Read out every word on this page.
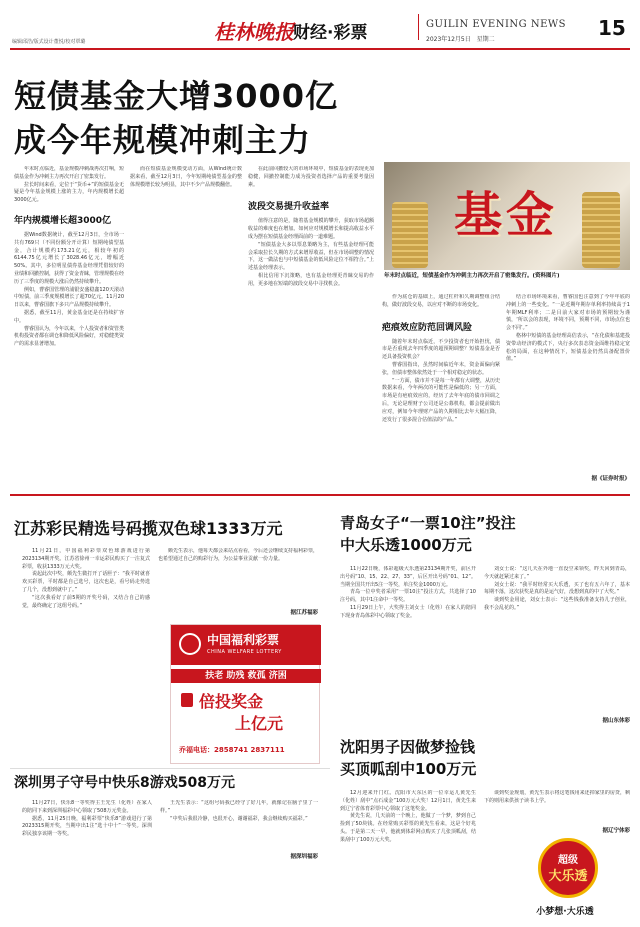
编辑邱浩/版式设计董悦/校对覃璐	桂林晚报 财经·彩票	GUILIN EVENING NEWS
2023年12月5日 星期二	15
短债基金大增3000亿
成今年规模冲刺主力
基金
年末时点临近，短债基金作为冲刺主力再次开启了密集发行。(资料图片)

年末时点临近，基金规模冲刺战再次打响，短债基金作为冲刺主力再次开启了密集发行。

拉长时间来看，定位于“货币+”的短债基金无疑是今年基金规模上涨的主力，年内规模增长超3000亿元。

年内规模增长超3000亿

据Wind数据统计，截至12月3日，全市场一共有769只（不同份额分开计算）短期纯债型基金，合计规模约173.21亿元，相较年初的6144.75亿元增长了3028.46亿元，增幅近50%。其中，多位明星债券基金经理凭借较好的业绩和回撤控制，获得了资金青睐，管理规模在经历了三季度的规模大涨后仍然持续攀升。

例如，曹睿国管理的浦银安盛稳鑫120天滚动中短债，前三季度规模增长了超70亿元。11月20日以来，曹睿国旗下多只产品规模持续攀升。

据悉，截至11月，黄金基金还是在持续扩容中。

曹睿国认为，今年以来，个人投资者和资管类机构投资者都在调仓和降低风险偏好，对稳健类资产的需求显著增加。

而在短债基金规模变动方面，从Wind统计数据来看，截至12月3日，今年短期纯债型基金的整体规模增长较为明显，其中不少产品规模翻倍。

在此前回撤较大的市场环境中，短债基金的表现更加稳健，回撤控制能力成为投资者选择产品的重要考量因素。

波段交易提升收益率

值得注意的是，随着基金规模的攀升，获取市场超额收益的难度也在增加。如何应对规模增长和提高收益水平成为摆在短债基金经理面前的一道难题。

“短债基金大多以票息策略为主，有些基金经理可能会采取拉长久期的方式来增厚收益，但在市场调整的情况下，这一做法也与中短债基金的低风险定位不相符合。”上述基金经理表示。

相比信用下沉策略，也有基金经理更青睐交易的作用，更多地在短端的波段交易中寻找机会。

作为底仓的基础上，通过杠杆和久期调整组合结构，做好波段交易，以应对不断的市场变化。

疤痕效应防范回调风险

随着年末时点临近，不少投资者也开始担忧，债市是否重现去年四季度的超预期调整？短债基金是否还具备投资机会？

曹睿国指出，虽然时间临近年末，资金面偏向紧张，但债市整体依然处于一个相对稳定的状态。

“一方面，债市并不是每一年都有大调整，从历史数据来看，今年两次的可能性是偏低的；另一方面，市场是有疤痕效应的，经历了去年年底的债市回调之后，无论是理财子公司还是公募机构，都会提前做出应对，例如今年理财产品的久期相比去年大幅压降，还发行了很多混合估值法的产品。”

结合市场环境来看，曹睿国也注意到了今年年底的冲刺上的一些变化。“一是近期年期存单利率持续高于1年期MLF利率；二是目前大家对市场的预期较为谨慎，‘所以会的表现，环境不同，预期不同，市场点位也会不同’。”

格林中短债的基金经理高佶表示，“在化债和基建投资带动经济的模式下，央行多次表态资金面维持稳定宽松的局面，在这种情况下，短债基金仍然具备配置价值。”

据《证券时报》
江苏彩民精选号码揽双色球1333万元

11月21日，中国福利彩票双色球游戏进行第2023134期开奖。江苏省徐州一幸运彩民购买了一注复式彩票，收获1333万元大奖。

说起此次中奖，颇先生微打开了话匣子：“我平时就喜欢买彩票，平时都是自己选号，这次也是，看号码走势选了几个，没想到就中了。”

“这次我看好了前5期的开奖号码，又结合自己的感觉，最终确定了这组号码。”

颇先生表示，他每天都会来站点看看，今后还会继续支持福利彩票，也希望通过自己的购彩行为，为公益事业贡献一份力量。

据江苏福彩
中国福利彩票
CHINA WELFARE LOTTERY
扶老 助残 救孤 济困
倍投奖金
上亿元
乔福电话：2858741 2837111
青岛女子“一票10注”投注
中大乐透1000万元

11月22日晚，体彩超级大乐透第23134期开奖，前区开出号码“10、15、22、27、33”，后区开出号码“01、12”。当期全国共开出5注一等奖，单注奖金1000万元。

青岛一位中奖者采用“一票10注”投注方式，共选择了10注号码，其中1注命中一等奖。

11月29日上午，大奖得主刘女士（化姓）在家人的陪同下现身青岛体彩中心领取了奖金。

刘女士说：“这几天在外地一直没空来领奖，昨天回到青岛，今天就赶紧过来了。”

刘女士说：“我平时经常买大乐透，买了也有五六年了，基本每期不落，这次获奖是真的是运气好，没想到真的中了大奖。”

谈到奖金用途，刘女士表示：“这些钱我准备支持儿子创业，我不会乱花的。”

据山东体彩
沈阳男子因做梦捡钱
买顶呱刮中100万元

12月迎来开门红。沈阳市大东区的一位幸运儿黄先生（化姓）刮中“点石成金”100万元大奖！12月1日，黄先生来到辽宁省体育彩票中心领取了这笔奖金。

黄先生说，几天前的一个晚上，他做了一个梦，梦到自己捡到了50块钱。在经常购买彩票的黄先生看来，这是个好兆头。于是第二天一早，他就到体彩网点购买了几张顶呱刮，结果刮中了100万元大奖。

谈到奖金规划，黄先生表示将这笔钱用来还掉家里的房贷，剩下的则用来供孩子读书上学。

据辽宁体彩
超级
大乐透
小梦想·大乐透
深圳男子守号中快乐8游戏508万元

11月27日，快乐8一等奖得主王先生（化姓）在家人的陪同下来到深圳福彩中心领取了508万元奖金。

据悉，11月25日晚，福利彩票“快乐8”游戏进行了第2023315期开奖，当期中出1注“选十中十”一等奖。深圳彩民独享该期一等奖。

王先生表示：“这组号码我已经守了好几年，就像记在脑子里了一样。”

“中奖后我很冷静，也很开心，谢谢福彩，我会继续购买福彩。”

据深圳福彩
